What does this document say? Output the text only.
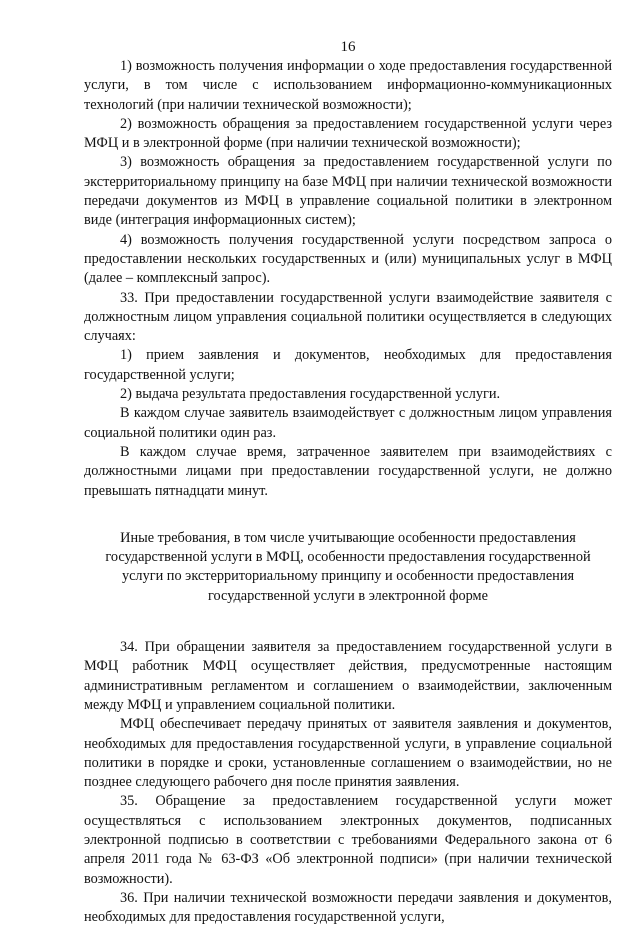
16

1) возможность получения информации о ходе предоставления государственной услуги, в том числе с использованием информационно-коммуникационных технологий (при наличии технической возможности);

2) возможность обращения за предоставлением государственной услуги через МФЦ и в электронной форме (при наличии технической возможности);

3) возможность обращения за предоставлением государственной услуги по экстерриториальному принципу на базе МФЦ при наличии технической возможности передачи документов из МФЦ в управление социальной политики в электронном виде (интеграция информационных систем);

4) возможность получения государственной услуги посредством запроса о предоставлении нескольких государственных и (или) муниципальных услуг в МФЦ (далее – комплексный запрос).

33. При предоставлении государственной услуги взаимодействие заявителя с должностным лицом управления социальной политики осуществляется в следующих случаях:

1) прием заявления и документов, необходимых для предоставления государственной услуги;

2) выдача результата предоставления государственной услуги.

В каждом случае заявитель взаимодействует с должностным лицом управления социальной политики один раз.

В каждом случае время, затраченное заявителем при взаимодействиях с должностными лицами при предоставлении государственной услуги, не должно превышать пятнадцати минут.

Иные требования, в том числе учитывающие особенности предоставления государственной услуги в МФЦ, особенности предоставления государственной услуги по экстерриториальному принципу и особенности предоставления государственной услуги в электронной форме

34. При обращении заявителя за предоставлением государственной услуги в МФЦ работник МФЦ осуществляет действия, предусмотренные настоящим административным регламентом и соглашением о взаимодействии, заключенным между МФЦ и управлением социальной политики.

МФЦ обеспечивает передачу принятых от заявителя заявления и документов, необходимых для предоставления государственной услуги, в управление социальной политики в порядке и сроки, установленные соглашением о взаимодействии, но не позднее следующего рабочего дня после принятия заявления.

35. Обращение за предоставлением государственной услуги может осуществляться с использованием электронных документов, подписанных электронной подписью в соответствии с требованиями Федерального закона от 6 апреля 2011 года № 63-ФЗ «Об электронной подписи» (при наличии технической возможности).

36. При наличии технической возможности передачи заявления и документов, необходимых для предоставления государственной услуги,
